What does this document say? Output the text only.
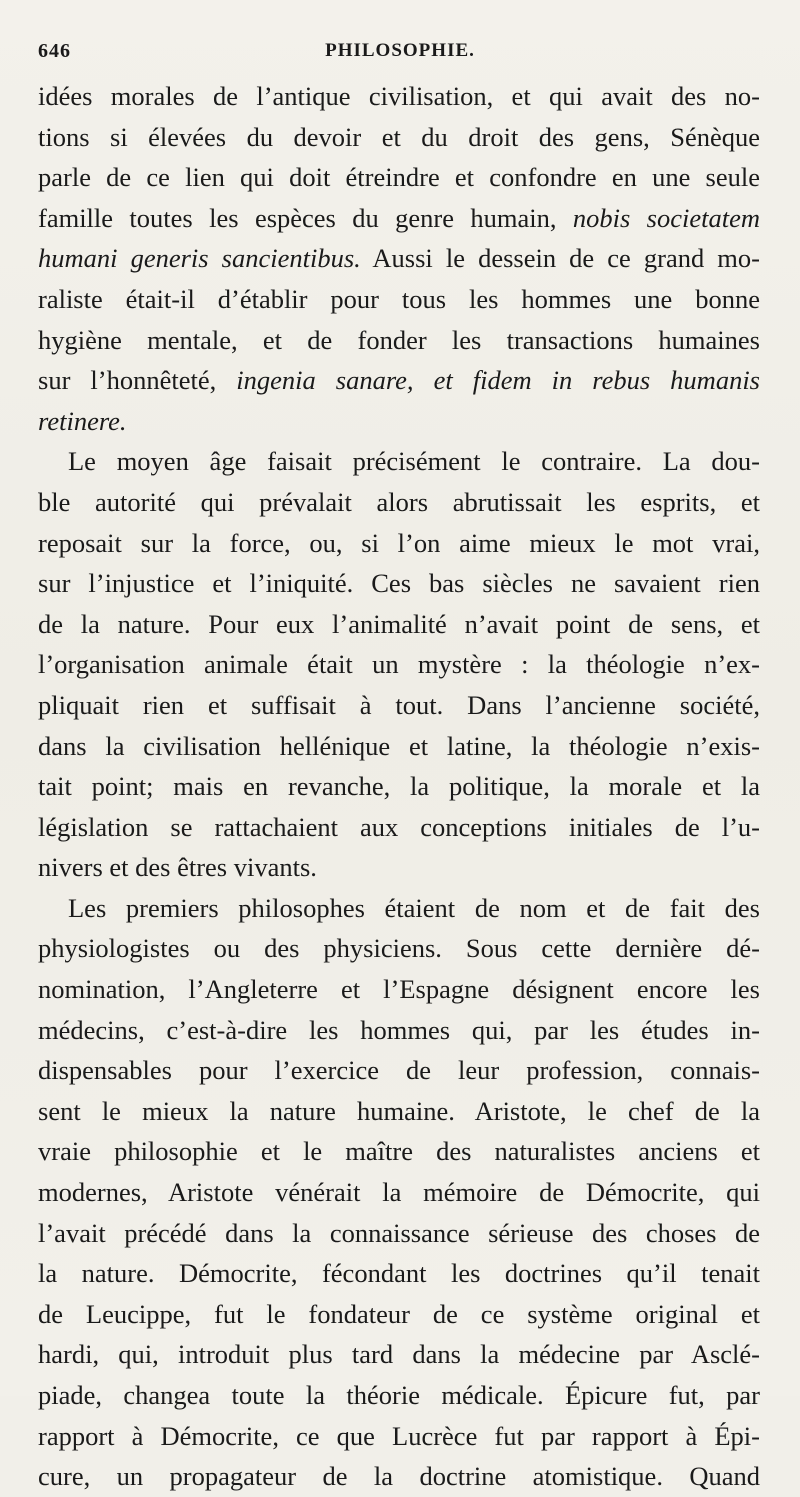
646	PHILOSOPHIE.

idées morales de l’antique civilisation, et qui avait des no-
tions si élevées du devoir et du droit des gens, Sénèque
parle de ce lien qui doit étreindre et confondre en une seule
famille toutes les espèces du genre humain, nobis societatem
humani generis sancientibus. Aussi le dessein de ce grand mo-
raliste était-il d’établir pour tous les hommes une bonne
hygiène mentale, et de fonder les transactions humaines
sur l’honnêteté, ingenia sanare, et fidem in rebus humanis
retinere.

Le moyen âge faisait précisément le contraire. La dou-
ble autorité qui prévalait alors abrutissait les esprits, et
reposait sur la force, ou, si l’on aime mieux le mot vrai,
sur l’injustice et l’iniquité. Ces bas siècles ne savaient rien
de la nature. Pour eux l’animalité n’avait point de sens, et
l’organisation animale était un mystère : la théologie n’ex-
pliquait rien et suffisait à tout. Dans l’ancienne société,
dans la civilisation hellénique et latine, la théologie n’exis-
tait point; mais en revanche, la politique, la morale et la
législation se rattachaient aux conceptions initiales de l’u-
nivers et des êtres vivants.

Les premiers philosophes étaient de nom et de fait des
physiologistes ou des physiciens. Sous cette dernière dé-
nomination, l’Angleterre et l’Espagne désignent encore les
médecins, c’est-à-dire les hommes qui, par les études in-
dispensables pour l’exercice de leur profession, connais-
sent le mieux la nature humaine. Aristote, le chef de la
vraie philosophie et le maître des naturalistes anciens et
modernes, Aristote vénérait la mémoire de Démocrite, qui
l’avait précédé dans la connaissance sérieuse des choses de
la nature. Démocrite, fécondant les doctrines qu’il tenait
de Leucippe, fut le fondateur de ce système original et
hardi, qui, introduit plus tard dans la médecine par Asclé-
piade, changea toute la théorie médicale. Épicure fut, par
rapport à Démocrite, ce que Lucrèce fut par rapport à Épi-
cure, un propagateur de la doctrine atomistique. Quand
